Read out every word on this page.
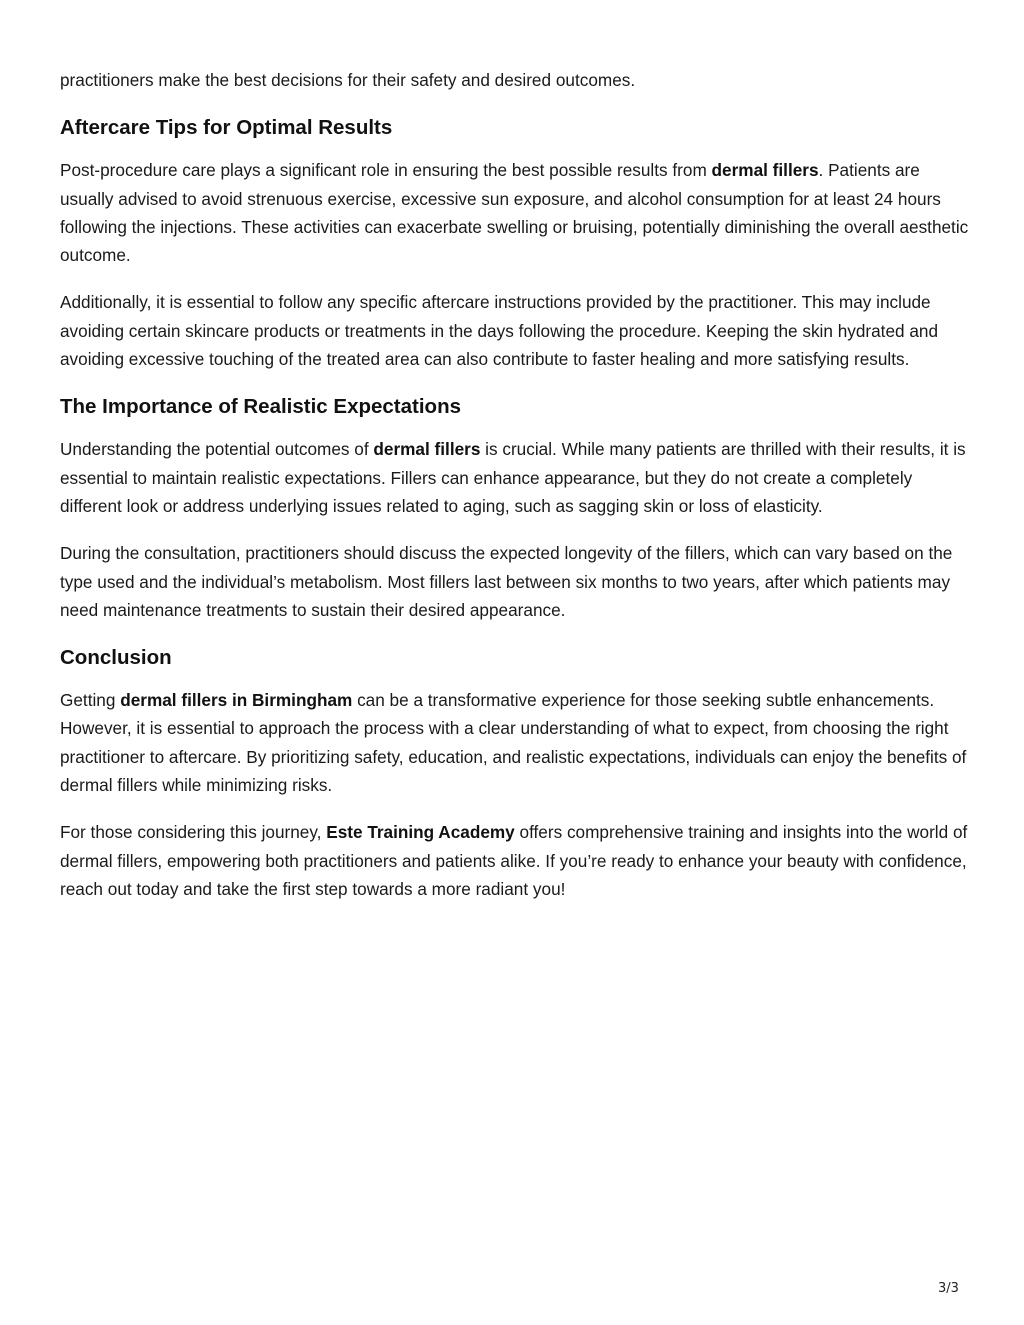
practitioners make the best decisions for their safety and desired outcomes.

Aftercare Tips for Optimal Results

Post-procedure care plays a significant role in ensuring the best possible results from dermal fillers. Patients are usually advised to avoid strenuous exercise, excessive sun exposure, and alcohol consumption for at least 24 hours following the injections. These activities can exacerbate swelling or bruising, potentially diminishing the overall aesthetic outcome.

Additionally, it is essential to follow any specific aftercare instructions provided by the practitioner. This may include avoiding certain skincare products or treatments in the days following the procedure. Keeping the skin hydrated and avoiding excessive touching of the treated area can also contribute to faster healing and more satisfying results.

The Importance of Realistic Expectations

Understanding the potential outcomes of dermal fillers is crucial. While many patients are thrilled with their results, it is essential to maintain realistic expectations. Fillers can enhance appearance, but they do not create a completely different look or address underlying issues related to aging, such as sagging skin or loss of elasticity.

During the consultation, practitioners should discuss the expected longevity of the fillers, which can vary based on the type used and the individual’s metabolism. Most fillers last between six months to two years, after which patients may need maintenance treatments to sustain their desired appearance.

Conclusion

Getting dermal fillers in Birmingham can be a transformative experience for those seeking subtle enhancements. However, it is essential to approach the process with a clear understanding of what to expect, from choosing the right practitioner to aftercare. By prioritizing safety, education, and realistic expectations, individuals can enjoy the benefits of dermal fillers while minimizing risks.

For those considering this journey, Este Training Academy offers comprehensive training and insights into the world of dermal fillers, empowering both practitioners and patients alike. If you’re ready to enhance your beauty with confidence, reach out today and take the first step towards a more radiant you!

3/3
